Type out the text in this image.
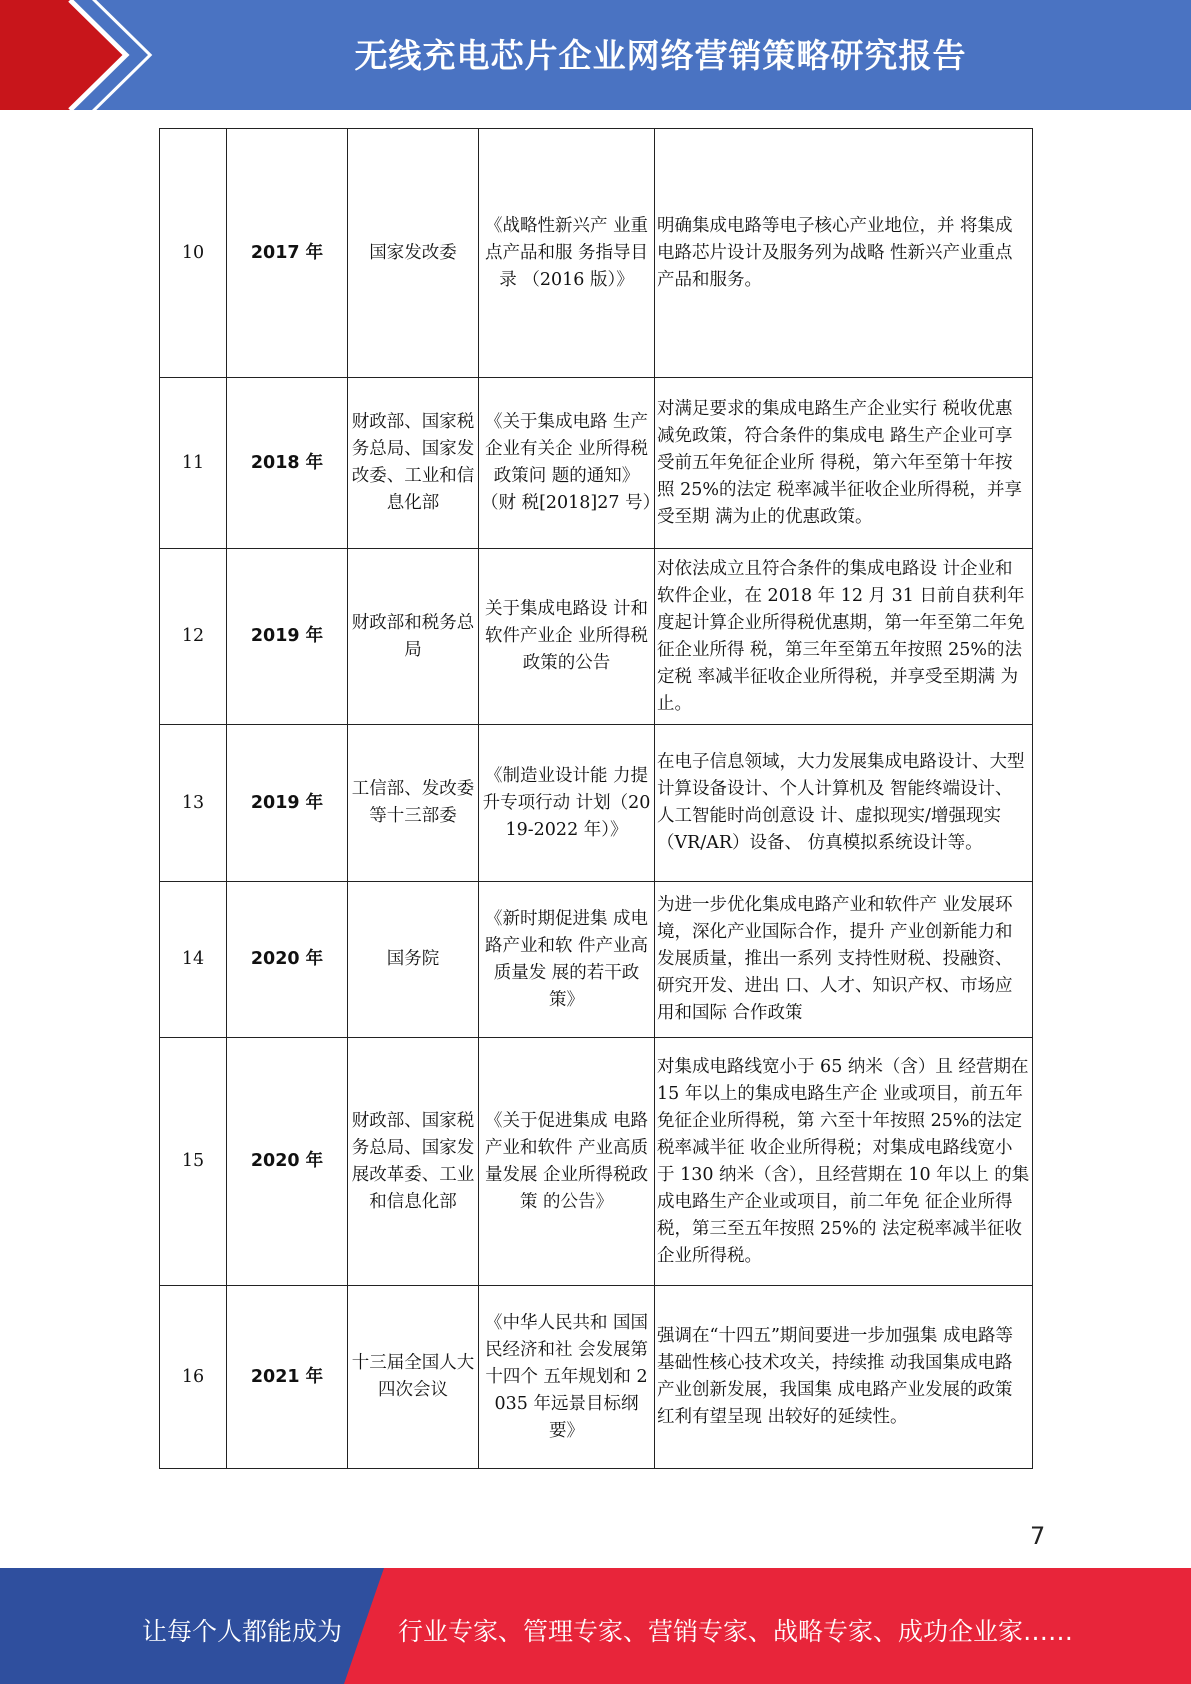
无线充电芯片企业网络营销策略研究报告
10	2017 年	国家发改委	《战略性新兴产 业重点产品和服 务指导目录 （2016 版）》	明确集成电路等电子核心产业地位，并 将集成电路芯片设计及服务列为战略 性新兴产业重点产品和服务。
11	2018 年	财政部、国家税务总局、国家发改委、工业和信息化部	《关于集成电路 生产企业有关企 业所得税政策问 题的通知》（财 税[2018]27 号）	对满足要求的集成电路生产企业实行 税收优惠减免政策，符合条件的集成电 路生产企业可享受前五年免征企业所 得税，第六年至第十年按照 25%的法定 税率减半征收企业所得税，并享受至期 满为止的优惠政策。
12	2019 年	财政部和税务总局	关于集成电路设 计和软件产业企 业所得税政策的公告	对依法成立且符合条件的集成电路设 计企业和软件企业，在 2018 年 12 月 31 日前自获利年度起计算企业所得税优惠期，第一年至第二年免征企业所得 税，第三年至第五年按照 25%的法定税 率减半征收企业所得税，并享受至期满 为止。
13	2019 年	工信部、发改委等十三部委	《制造业设计能 力提升专项行动 计划（2019-2022 年）》	在电子信息领域，大力发展集成电路设计、大型计算设备设计、个人计算机及 智能终端设计、人工智能时尚创意设 计、虚拟现实/增强现实（VR/AR）设备、 仿真模拟系统设计等。
14	2020 年	国务院	《新时期促进集 成电路产业和软 件产业高质量发 展的若干政策》	为进一步优化集成电路产业和软件产 业发展环境，深化产业国际合作，提升 产业创新能力和发展质量，推出一系列 支持性财税、投融资、研究开发、进出 口、人才、知识产权、市场应用和国际 合作政策
15	2020 年	财政部、国家税务总局、国家发展改革委、工业和信息化部	《关于促进集成 电路产业和软件 产业高质量发展 企业所得税政策 的公告》	对集成电路线宽小于 65 纳米（含）且 经营期在 15 年以上的集成电路生产企 业或项目，前五年免征企业所得税，第 六至十年按照 25%的法定税率减半征 收企业所得税；对集成电路线宽小于 130 纳米（含），且经营期在 10 年以上 的集成电路生产企业或项目，前二年免 征企业所得税，第三至五年按照 25%的 法定税率减半征收企业所得税。
16	2021 年	十三届全国人大四次会议	《中华人民共和 国国民经济和社 会发展第十四个 五年规划和 2035 年远景目标纲 要》	强调在“十四五”期间要进一步加强集 成电路等基础性核心技术攻关，持续推 动我国集成电路产业创新发展，我国集 成电路产业发展的政策红利有望呈现 出较好的延续性。
7
让每个人都能成为 行业专家、管理专家、营销专家、战略专家、成功企业家……
